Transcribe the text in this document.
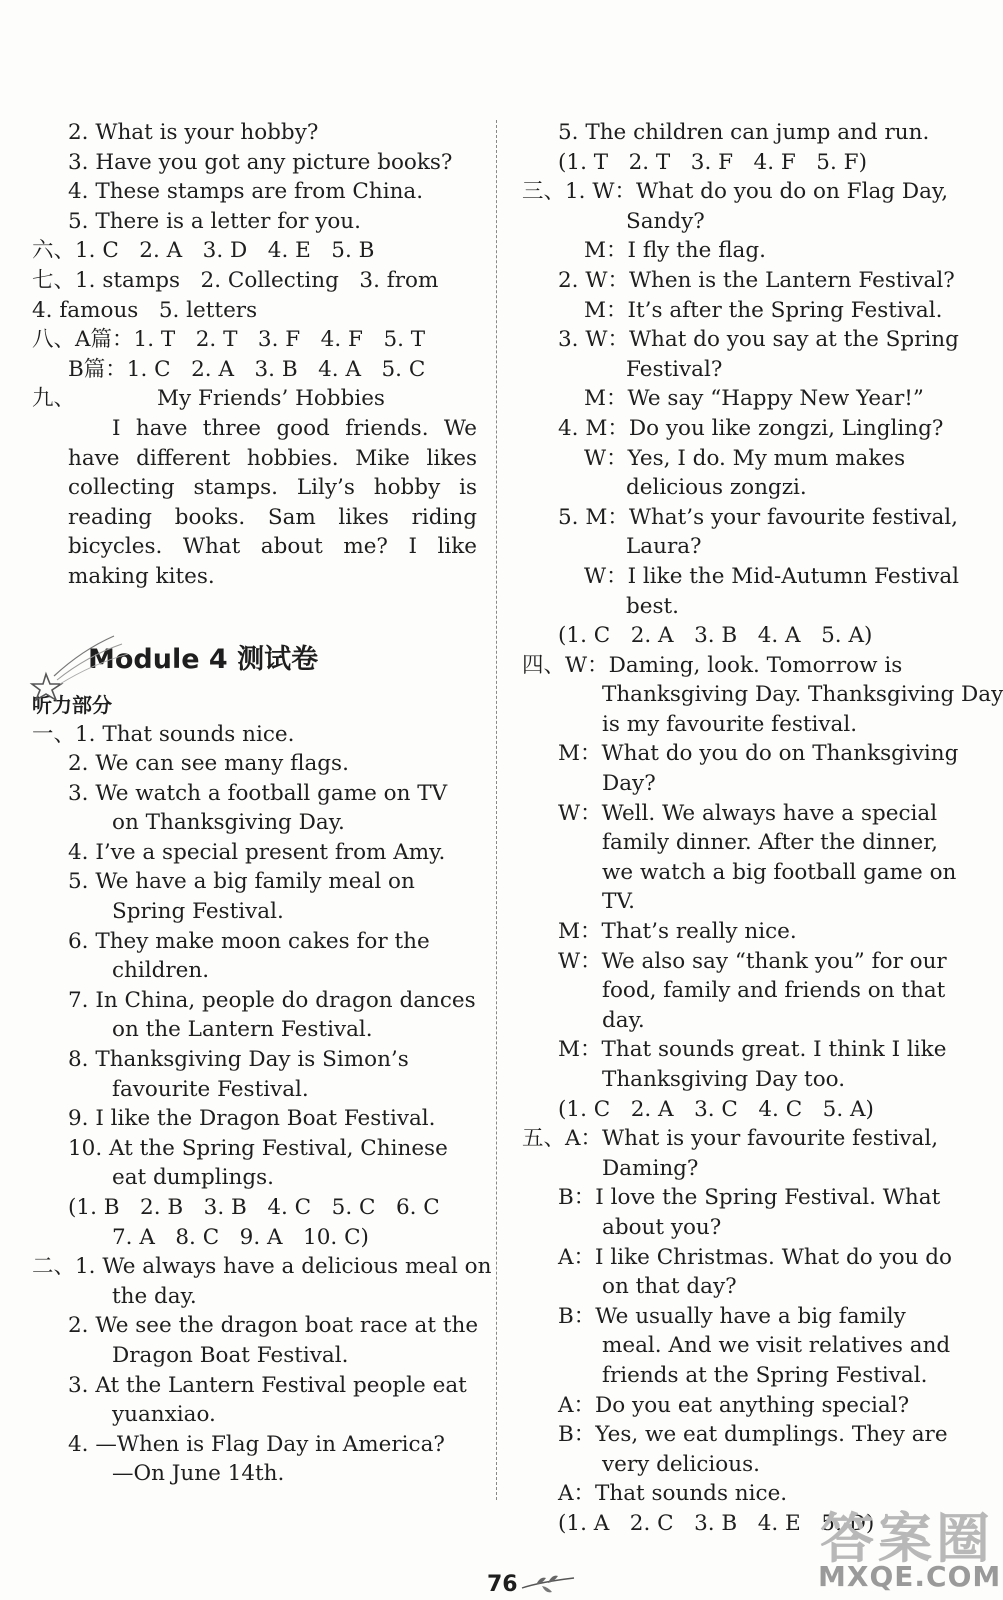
2. What is your hobby?
3. Have you got any picture books?
4. These stamps are from China.
5. There is a letter for you.
六、1. C   2. A   3. D   4. E   5. B
七、1. stamps   2. Collecting   3. from
4. famous   5. letters
八、A篇：1. T   2. T   3. F   4. F   5. T
B篇：1. C   2. A   3. B   4. A   5. C
九、            My Friends’ Hobbies
I have three good friends. We
have different hobbies. Mike likes
collecting stamps. Lily’s hobby is
reading books. Sam likes riding
bicycles. What about me? I like
making kites.
Module 4 测试卷
听力部分
一、1. That sounds nice.
2. We can see many flags.
3. We watch a football game on TV
on Thanksgiving Day.
4. I’ve a special present from Amy.
5. We have a big family meal on
Spring Festival.
6. They make moon cakes for the
children.
7. In China, people do dragon dances
on the Lantern Festival.
8. Thanksgiving Day is Simon’s
favourite Festival.
9. I like the Dragon Boat Festival.
10. At the Spring Festival, Chinese
eat dumplings.
(1. B   2. B   3. B   4. C   5. C   6. C
7. A   8. C   9. A   10. C)
二、1. We always have a delicious meal on
the day.
2. We see the dragon boat race at the
Dragon Boat Festival.
3. At the Lantern Festival people eat
yuanxiao.
4. —When is Flag Day in America?
—On June 14th.
5. The children can jump and run.
(1. T   2. T   3. F   4. F   5. F)
三、1. W：What do you do on Flag Day,
Sandy?
M：I fly the flag.
2. W：When is the Lantern Festival?
M：It’s after the Spring Festival.
3. W：What do you say at the Spring
Festival?
M：We say “Happy New Year!”
4. M：Do you like zongzi, Lingling?
W：Yes, I do. My mum makes
delicious zongzi.
5. M：What’s your favourite festival,
Laura?
W：I like the Mid-Autumn Festival
best.
(1. C   2. A   3. B   4. A   5. A)
四、W：Daming, look. Tomorrow is
Thanksgiving Day. Thanksgiving Day
is my favourite festival.
M：What do you do on Thanksgiving
Day?
W：Well. We always have a special
family dinner. After the dinner,
we watch a big football game on
TV.
M：That’s really nice.
W：We also say “thank you” for our
food, family and friends on that
day.
M：That sounds great. I think I like
Thanksgiving Day too.
(1. C   2. A   3. C   4. C   5. A)
五、A：What is your favourite festival,
Daming?
B：I love the Spring Festival. What
about you?
A：I like Christmas. What do you do
on that day?
B：We usually have a big family
meal. And we visit relatives and
friends at the Spring Festival.
A：Do you eat anything special?
B：Yes, we eat dumplings. They are
very delicious.
A：That sounds nice.
(1. A   2. C   3. B   4. E   5. D)
76
答案圈
MXQE.COM
